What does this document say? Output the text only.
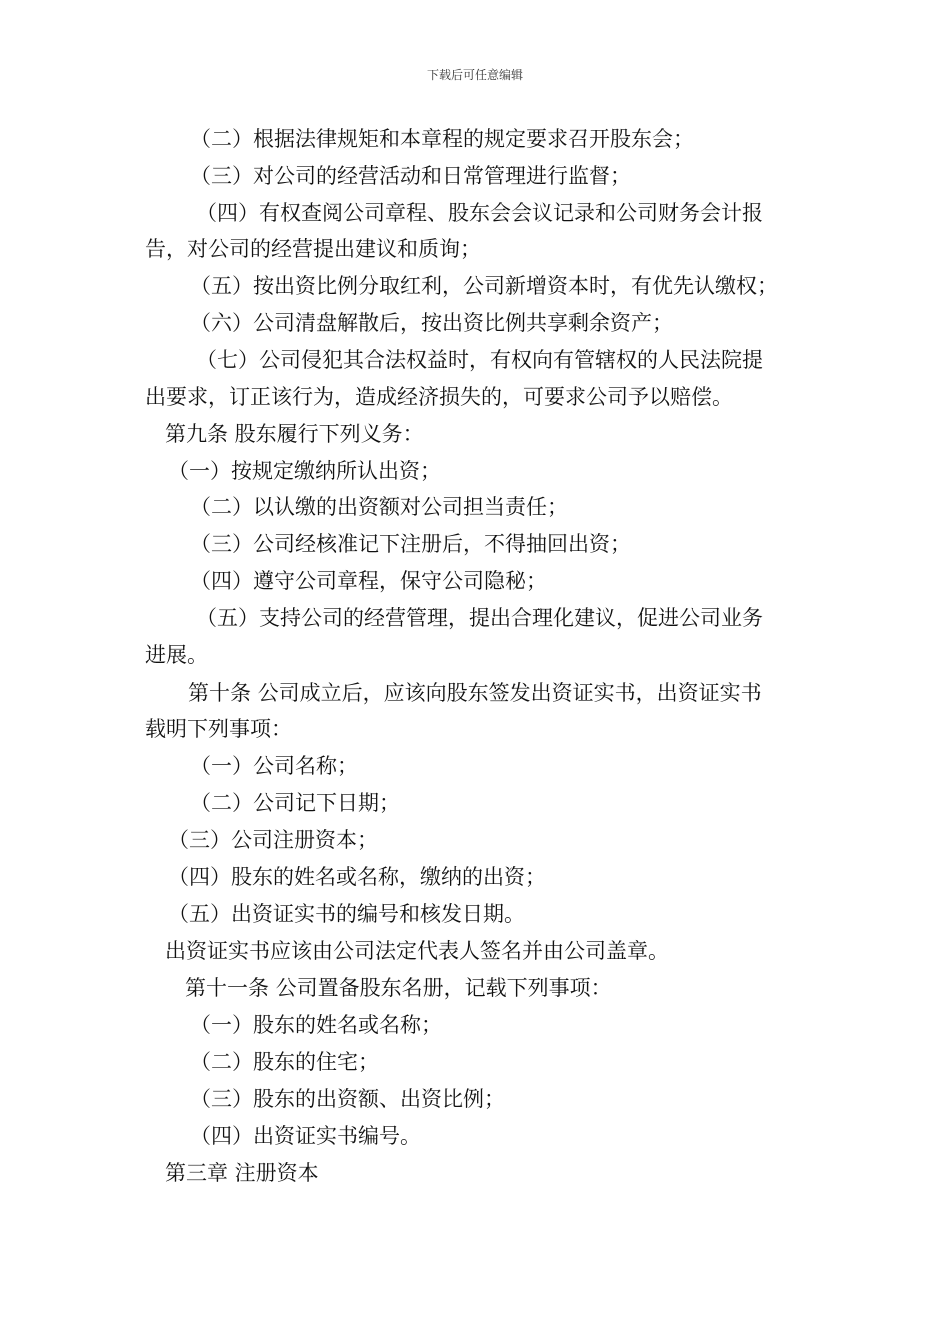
下载后可任意编辑
（二）根据法律规矩和本章程的规定要求召开股东会；
（三）对公司的经营活动和日常管理进行监督；
（四）有权查阅公司章程、股东会会议记录和公司财务会计报
告，对公司的经营提出建议和质询；
（五）按出资比例分取红利，公司新增资本时，有优先认缴权；
（六）公司清盘解散后，按出资比例共享剩余资产；
（七）公司侵犯其合法权益时，有权向有管辖权的人民法院提
出要求，订正该行为，造成经济损失的，可要求公司予以赔偿。
第九条 股东履行下列义务：
（一）按规定缴纳所认出资；
（二）以认缴的出资额对公司担当责任；
（三）公司经核准记下注册后，不得抽回出资；
（四）遵守公司章程，保守公司隐秘；
（五）支持公司的经营管理，提出合理化建议，促进公司业务
进展。
第十条 公司成立后，应该向股东签发出资证实书，出资证实书
载明下列事项：
（一）公司名称；
（二）公司记下日期；
（三）公司注册资本；
（四）股东的姓名或名称，缴纳的出资；
（五）出资证实书的编号和核发日期。
出资证实书应该由公司法定代表人签名并由公司盖章。
第十一条 公司置备股东名册，记载下列事项：
（一）股东的姓名或名称；
（二）股东的住宅；
（三）股东的出资额、出资比例；
（四）出资证实书编号。
第三章 注册资本
